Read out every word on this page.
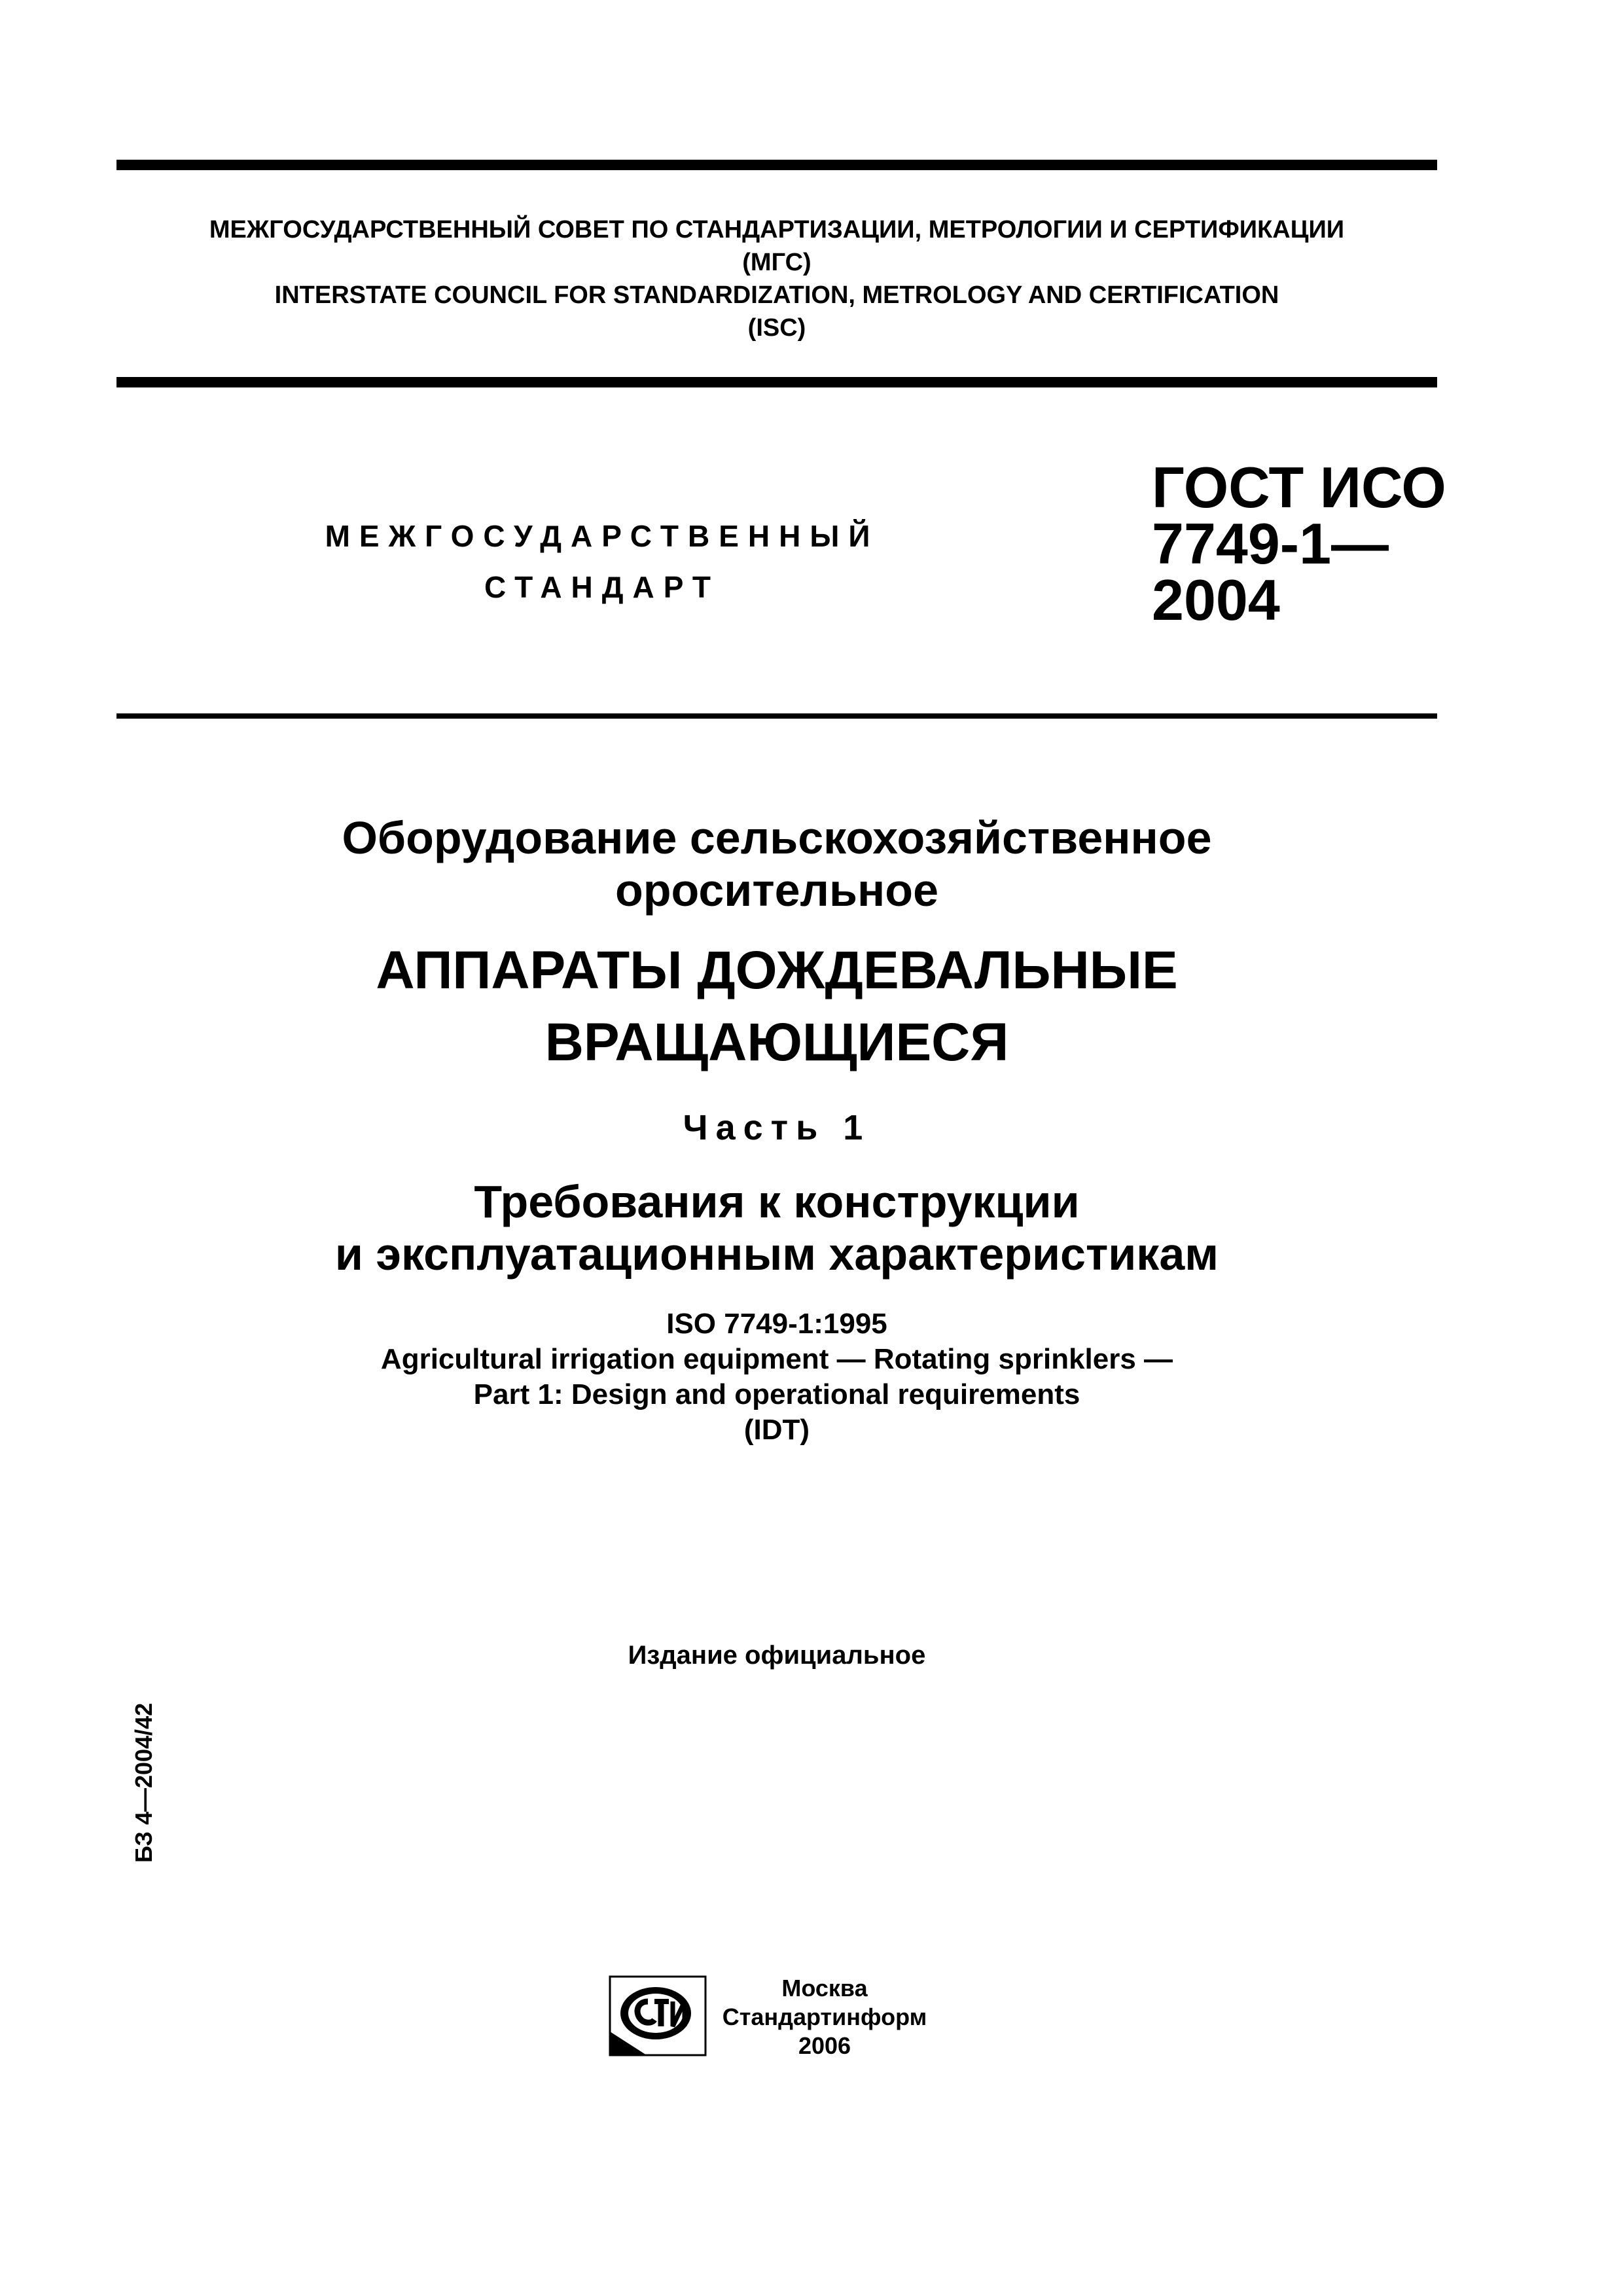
МЕЖГОСУДАРСТВЕННЫЙ СОВЕТ ПО СТАНДАРТИЗАЦИИ, МЕТРОЛОГИИ И СЕРТИФИКАЦИИ
(МГС)
INTERSTATE COUNCIL FOR STANDARDIZATION, METROLOGY AND CERTIFICATION
(ISC)
МЕЖГОСУДАРСТВЕННЫЙ
СТАНДАРТ
ГОСТ ИСО
7749-1—
2004
Оборудование сельскохозяйственное
оросительное
АППАРАТЫ ДОЖДЕВАЛЬНЫЕ
ВРАЩАЮЩИЕСЯ
Часть 1
Требования к конструкции
и эксплуатационным характеристикам
ISO 7749-1:1995
Agricultural irrigation equipment — Rotating sprinklers —
Part 1: Design and operational requirements
(IDT)
Издание официальное
БЗ 4—2004/42
Москва
Стандартинформ
2006
